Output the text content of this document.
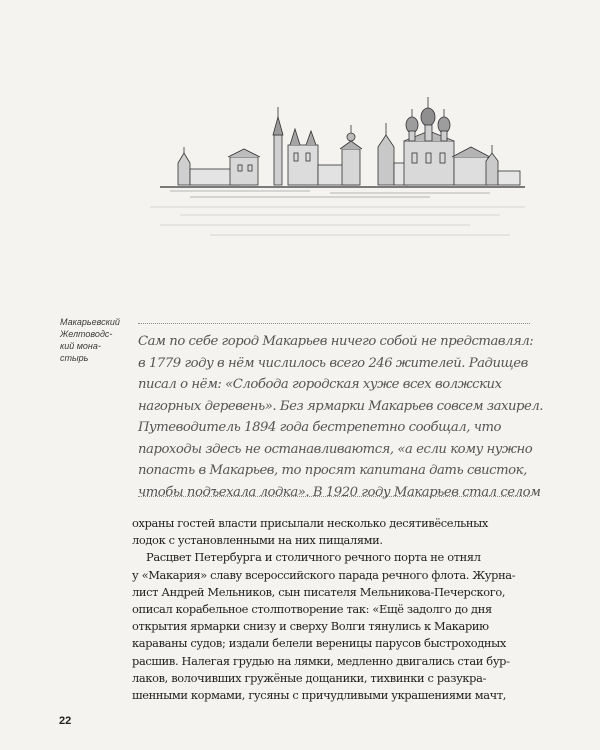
Макарьевский
Желтоводс-
кий мона-
стырь
Сам по себе город Макарьев ничего собой не представлял:
в 1779 году в нём числилось всего 246 жителей. Радищев
писал о нём: «Слобода городская хуже всех волжских
нагорных деревень». Без ярмарки Макарьев совсем захирел.
Путеводитель 1894 года бестрепетно сообщал, что
пароходы здесь не останавливаются, «а если кому нужно
попасть в Макарьев, то просят капитана дать свисток,
чтобы подъехала лодка». В 1920 году Макарьев стал селом
охраны гостей власти присылали несколько десятивёсельных
лодок с установленными на них пищалями.
Расцвет Петербурга и столичного речного порта не отнял
у «Макария» славу всероссийского парада речного флота. Журна-
лист Андрей Мельников, сын писателя Мельникова-Печерского,
описал корабельное столпотворение так: «Ещё задолго до дня
открытия ярмарки снизу и сверху Волги тянулись к Макарию
караваны судов; издали белели вереницы парусов быстроходных
расшив. Налегая грудью на лямки, медленно двигались стаи бур-
лаков, волочивших гружёные дощаники, тихвинки с разукра-
шенными кормами, гусяны с причудливыми украшениями мачт,
22
